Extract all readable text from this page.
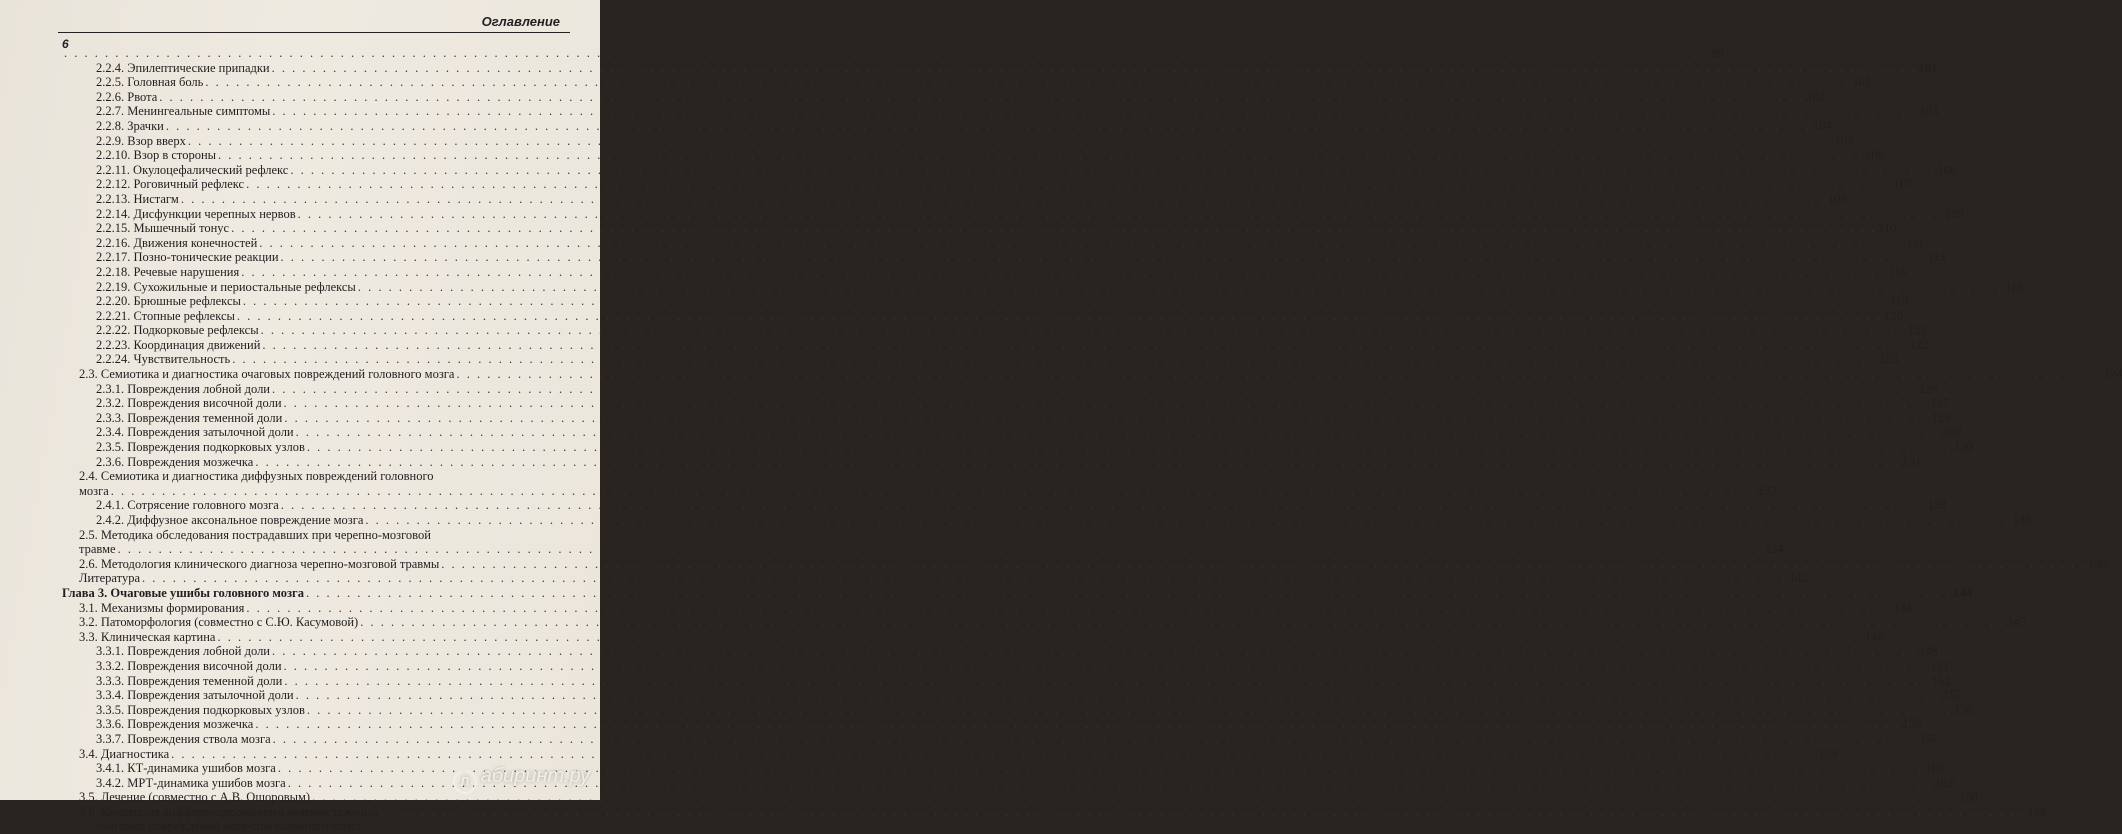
Оглавление
6
. . .
99
2.2.4. Эпилептические припадки . . .	101
2.2.5. Головная боль . . .	101
2.2.6. Рвота . . .	102
2.2.7. Менингеальные симптомы . . .	103
2.2.8. Зрачки . . .	104
2.2.9. Взор вверх . . .	105
2.2.10. Взор в стороны . . .	106
2.2.11. Окулоцефалический рефлекс . . .	106
2.2.12. Роговичный рефлекс . . .	107
2.2.13. Нистагм . . .	108
2.2.14. Дисфункции черепных нервов . . .	109
2.2.15. Мышечный тонус . . .	110
2.2.16. Движения конечностей . . .	111
2.2.17. Позно-тонические реакции . . .	113
2.2.18. Речевые нарушения . . .	115
2.2.19. Сухожильные и периостальные рефлексы . . .	118
2.2.20. Брюшные рефлексы . . .	119
2.2.21. Стопные рефлексы . . .	120
2.2.22. Подкорковые рефлексы . . .	121
2.2.23. Координация движений . . .	122
2.2.24. Чувствительность . . .	123
2.3. Семиотика и диагностика очаговых повреждений головного мозга . . .	124
2.3.1. Повреждения лобной доли . . .	126
2.3.2. Повреждения височной доли . . .	127
2.3.3. Повреждения теменной доли . . .	129
2.3.4. Повреждения затылочной доли . . .	130
2.3.5. Повреждения подкорковых узлов . . .	130
2.3.6. Повреждения мозжечка . . .	131
2.4. Семиотика и диагностика диффузных повреждений головного
мозга . . .	132
2.4.1. Сотрясение головного мозга . . .	133
2.4.2. Диффузное аксональное повреждение мозга . . .	133
2.5. Методика обследования пострадавших при черепно-мозговой
травме . . .	134
2.6. Методология клинического диагноза черепно-мозговой травмы . . .	140
Литература . . .	142
Глава 3. Очаговые ушибы головного мозга . . .	144
3.1. Механизмы формирования . . .	144
3.2. Патоморфология (совместно с С.Ю. Касумовой) . . .	145
3.3. Клиническая картина . . .	148
3.3.1. Повреждения лобной доли . . .	148
3.3.2. Повреждения височной доли . . .	151
3.3.3. Повреждения теменной доли . . .	152
3.3.4. Повреждения затылочной доли . . .	155
3.3.5. Повреждения подкорковых узлов . . .	156
3.3.6. Повреждения мозжечка . . .	156
3.3.7. Повреждения ствола мозга . . .	157
3.4. Диагностика . . .	159
3.4.1. КТ-динамика ушибов мозга . . .	160
3.4.2. МРТ-динамика ушибов мозга . . .	163
3.5. Лечение (совместно с А.В. Ошоровым) . . .	168
3.6. Концепция дифференцированного лечения тяжелых . . .	168
очаговых повреждений вещества головного мозга
Л абиринт.ру
